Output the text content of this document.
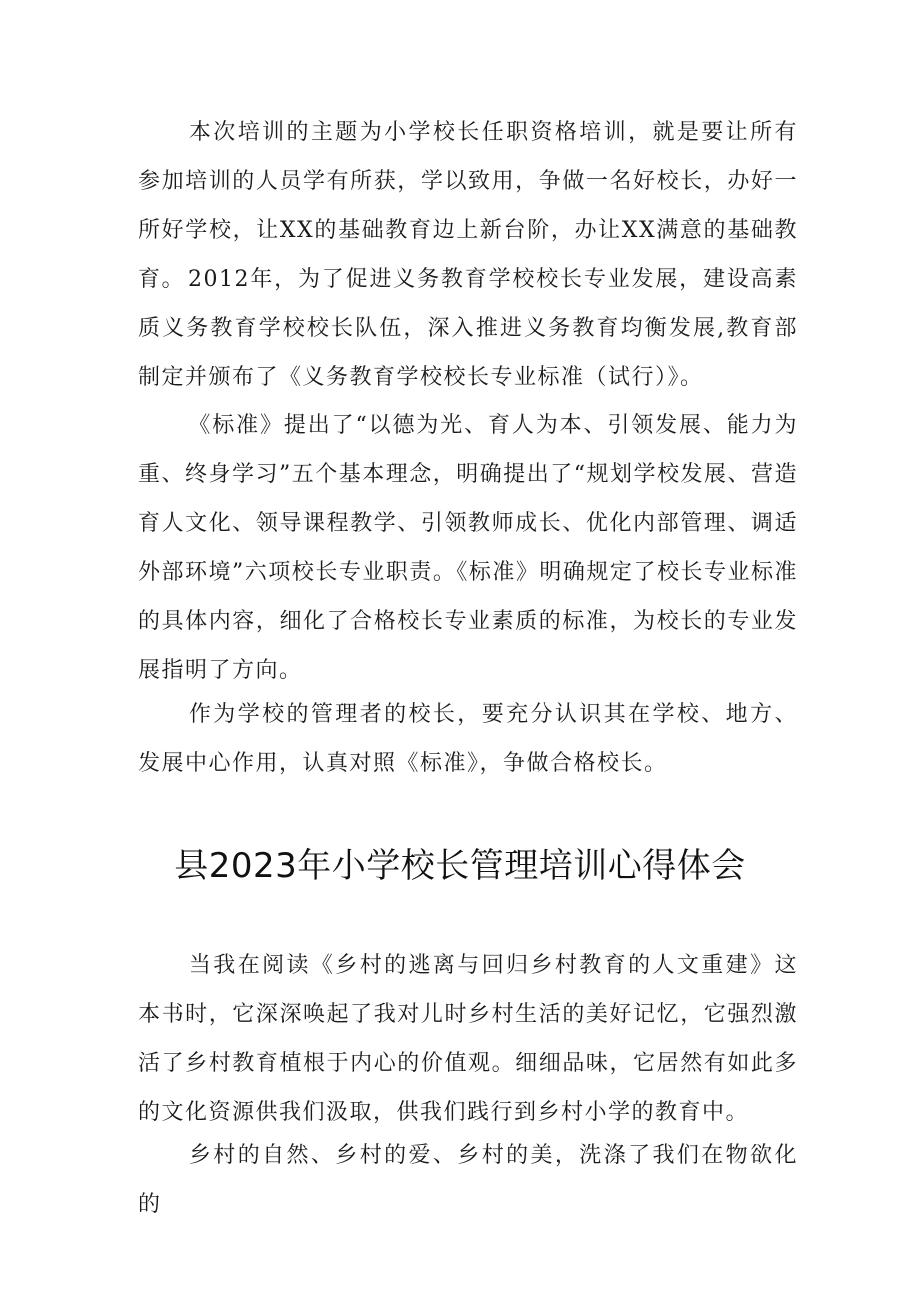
本次培训的主题为小学校长任职资格培训，就是要让所有参加培训的人员学有所获，学以致用，争做一名好校长，办好一所好学校，让XX的基础教育边上新台阶，办让XX满意的基础教育。 2012年，为了促进义务教育学校校长专业发展，建设高素质义务教育学校校长队伍，深入推进义务教育均衡发展,教育部制定并颁布了《义务教育学校校长专业标准（试行）》。

《标准》提出了“以德为光、育人为本、引领发展、能力为重、终身学习”五个基本理念，明确提出了“规划学校发展、营造育人文化、领导课程教学、引领教师成长、优化内部管理、调适外部环境”六项校长专业职责。《标准》明确规定了校长专业标准的具体内容，细化了合格校长专业素质的标准，为校长的专业发展指明了方向。

作为学校的管理者的校长，要充分认识其在学校、地方、发展中心作用，认真对照《标准》，争做合格校长。

县2023年小学校长管理培训心得体会

当我在阅读《乡村的逃离与回归乡村教育的人文重建》这本书时，它深深唤起了我对儿时乡村生活的美好记忆，它强烈激活了乡村教育植根于内心的价值观。细细品味，它居然有如此多的文化资源供我们汲取，供我们践行到乡村小学的教育中。

乡村的自然、乡村的爱、乡村的美，洗涤了我们在物欲化的
